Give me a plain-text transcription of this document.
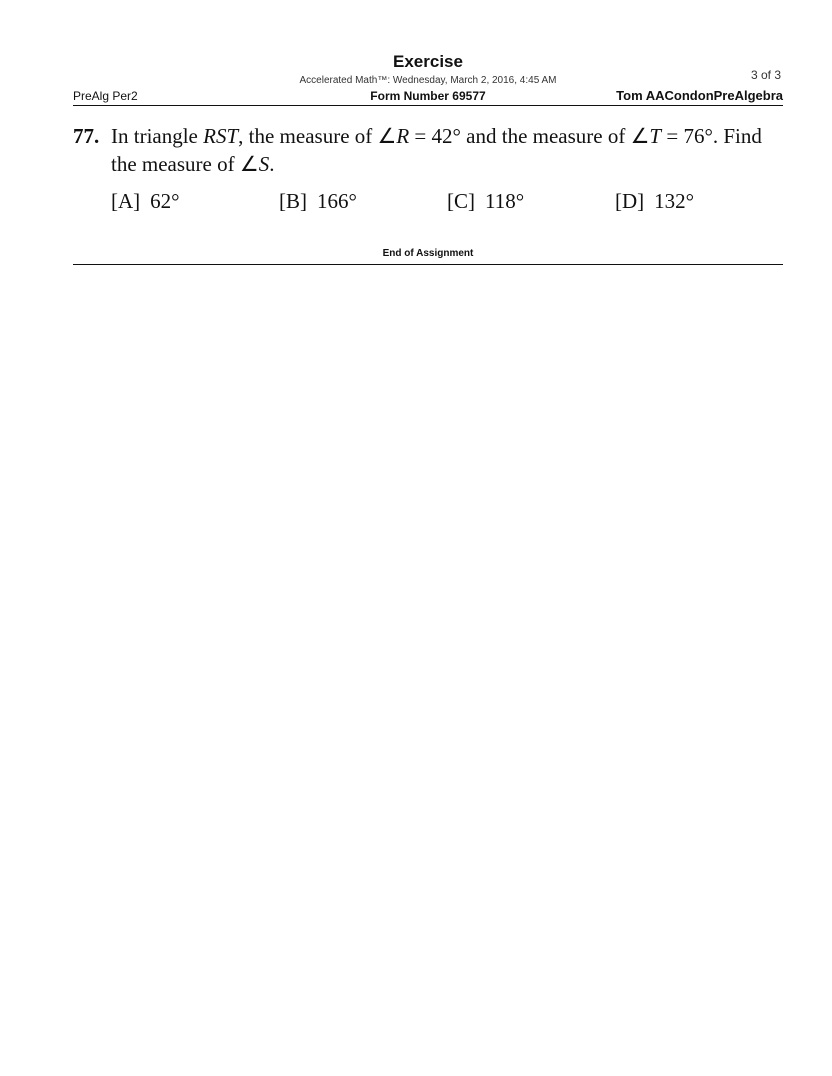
Exercise
Accelerated Math™: Wednesday, March 2, 2016, 4:45 AM	3 of 3
PreAlg Per2	Form Number 69577	Tom AACondonPreAlgebra
77. In triangle RST, the measure of ∠R = 42° and the measure of ∠T = 76°. Find the measure of ∠S.
[A] 62°	[B] 166°	[C] 118°	[D] 132°
End of Assignment
